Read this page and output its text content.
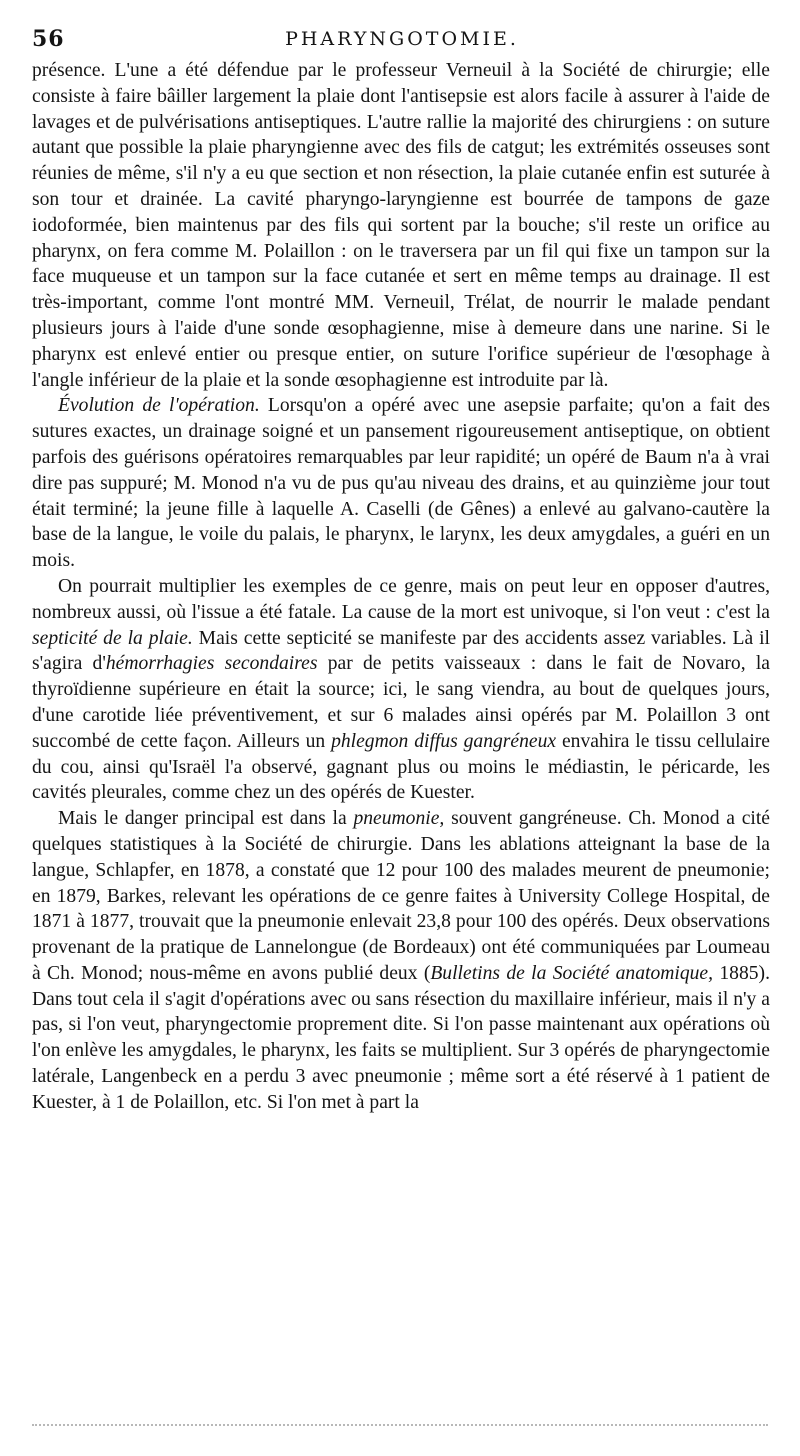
56	PHARYNGOTOMIE.

présence. L'une a été défendue par le professeur Verneuil à la Société de chirurgie; elle consiste à faire bâiller largement la plaie dont l'antisepsie est alors facile à assurer à l'aide de lavages et de pulvérisations antiseptiques. L'autre rallie la majorité des chirurgiens : on suture autant que possible la plaie pharyngienne avec des fils de catgut; les extrémités osseuses sont réunies de même, s'il n'y a eu que section et non résection, la plaie cutanée enfin est suturée à son tour et drainée. La cavité pharyngo-laryngienne est bourrée de tampons de gaze iodoformée, bien maintenus par des fils qui sortent par la bouche; s'il reste un orifice au pharynx, on fera comme M. Polaillon : on le traversera par un fil qui fixe un tampon sur la face muqueuse et un tampon sur la face cutanée et sert en même temps au drainage. Il est très-important, comme l'ont montré MM. Verneuil, Trélat, de nourrir le malade pendant plusieurs jours à l'aide d'une sonde œsophagienne, mise à demeure dans une narine. Si le pharynx est enlevé entier ou presque entier, on suture l'orifice supérieur de l'œsophage à l'angle inférieur de la plaie et la sonde œsophagienne est introduite par là.

Évolution de l'opération. Lorsqu'on a opéré avec une asepsie parfaite; qu'on a fait des sutures exactes, un drainage soigné et un pansement rigoureusement antiseptique, on obtient parfois des guérisons opératoires remarquables par leur rapidité; un opéré de Baum n'a à vrai dire pas suppuré; M. Monod n'a vu de pus qu'au niveau des drains, et au quinzième jour tout était terminé; la jeune fille à laquelle A. Caselli (de Gênes) a enlevé au galvano-cautère la base de la langue, le voile du palais, le pharynx, le larynx, les deux amygdales, a guéri en un mois.

On pourrait multiplier les exemples de ce genre, mais on peut leur en opposer d'autres, nombreux aussi, où l'issue a été fatale. La cause de la mort est univoque, si l'on veut : c'est la septicité de la plaie. Mais cette septicité se manifeste par des accidents assez variables. Là il s'agira d'hémorrhagies secondaires par de petits vaisseaux : dans le fait de Novaro, la thyroïdienne supérieure en était la source; ici, le sang viendra, au bout de quelques jours, d'une carotide liée préventivement, et sur 6 malades ainsi opérés par M. Polaillon 3 ont succombé de cette façon. Ailleurs un phlegmon diffus gangréneux envahira le tissu cellulaire du cou, ainsi qu'Israël l'a observé, gagnant plus ou moins le médiastin, le péricarde, les cavités pleurales, comme chez un des opérés de Kuester.

Mais le danger principal est dans la pneumonie, souvent gangréneuse. Ch. Monod a cité quelques statistiques à la Société de chirurgie. Dans les ablations atteignant la base de la langue, Schlapfer, en 1878, a constaté que 12 pour 100 des malades meurent de pneumonie; en 1879, Barkes, relevant les opérations de ce genre faites à University College Hospital, de 1871 à 1877, trouvait que la pneumonie enlevait 23,8 pour 100 des opérés. Deux observations provenant de la pratique de Lannelongue (de Bordeaux) ont été communiquées par Loumeau à Ch. Monod; nous-même en avons publié deux (Bulletins de la Société anatomique, 1885). Dans tout cela il s'agit d'opérations avec ou sans résection du maxillaire inférieur, mais il n'y a pas, si l'on veut, pharyngectomie proprement dite. Si l'on passe maintenant aux opérations où l'on enlève les amygdales, le pharynx, les faits se multiplient. Sur 3 opérés de pharyngectomie latérale, Langenbeck en a perdu 3 avec pneumonie ; même sort a été réservé à 1 patient de Kuester, à 1 de Polaillon, etc. Si l'on met à part la
